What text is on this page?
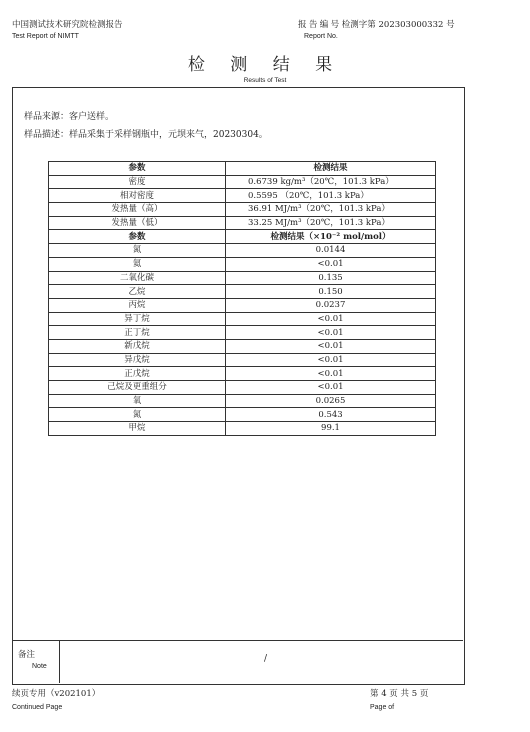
中国测试技术研究院检测报告
Test Report of NIMTT
报 告 编 号 检测字第 202303000332 号
Report No.
检 测 结 果
Results of Test
样品来源：客户送样。
样品描述：样品采集于采样钢瓶中，元坝来气，20230304。
参数	检测结果
密度	0.6739 kg/m³（20℃，101.3 kPa）
相对密度	0.5595 （20℃，101.3 kPa）
发热量（高）	36.91 MJ/m³（20℃，101.3 kPa）
发热量（低）	33.25 MJ/m³（20℃，101.3 kPa）
参数	检测结果（×10⁻² mol/mol）
氮	0.0144
氦	<0.01
二氧化碳	0.135
乙烷	0.150
丙烷	0.0237
异丁烷	<0.01
正丁烷	<0.01
新戊烷	<0.01
异戊烷	<0.01
正戊烷	<0.01
己烷及更重组分	<0.01
氧	0.0265
氮	0.543
甲烷	99.1
备注
Note
/
续页专用（v202101）
Continued Page
第 4 页 共 5 页
Page of
